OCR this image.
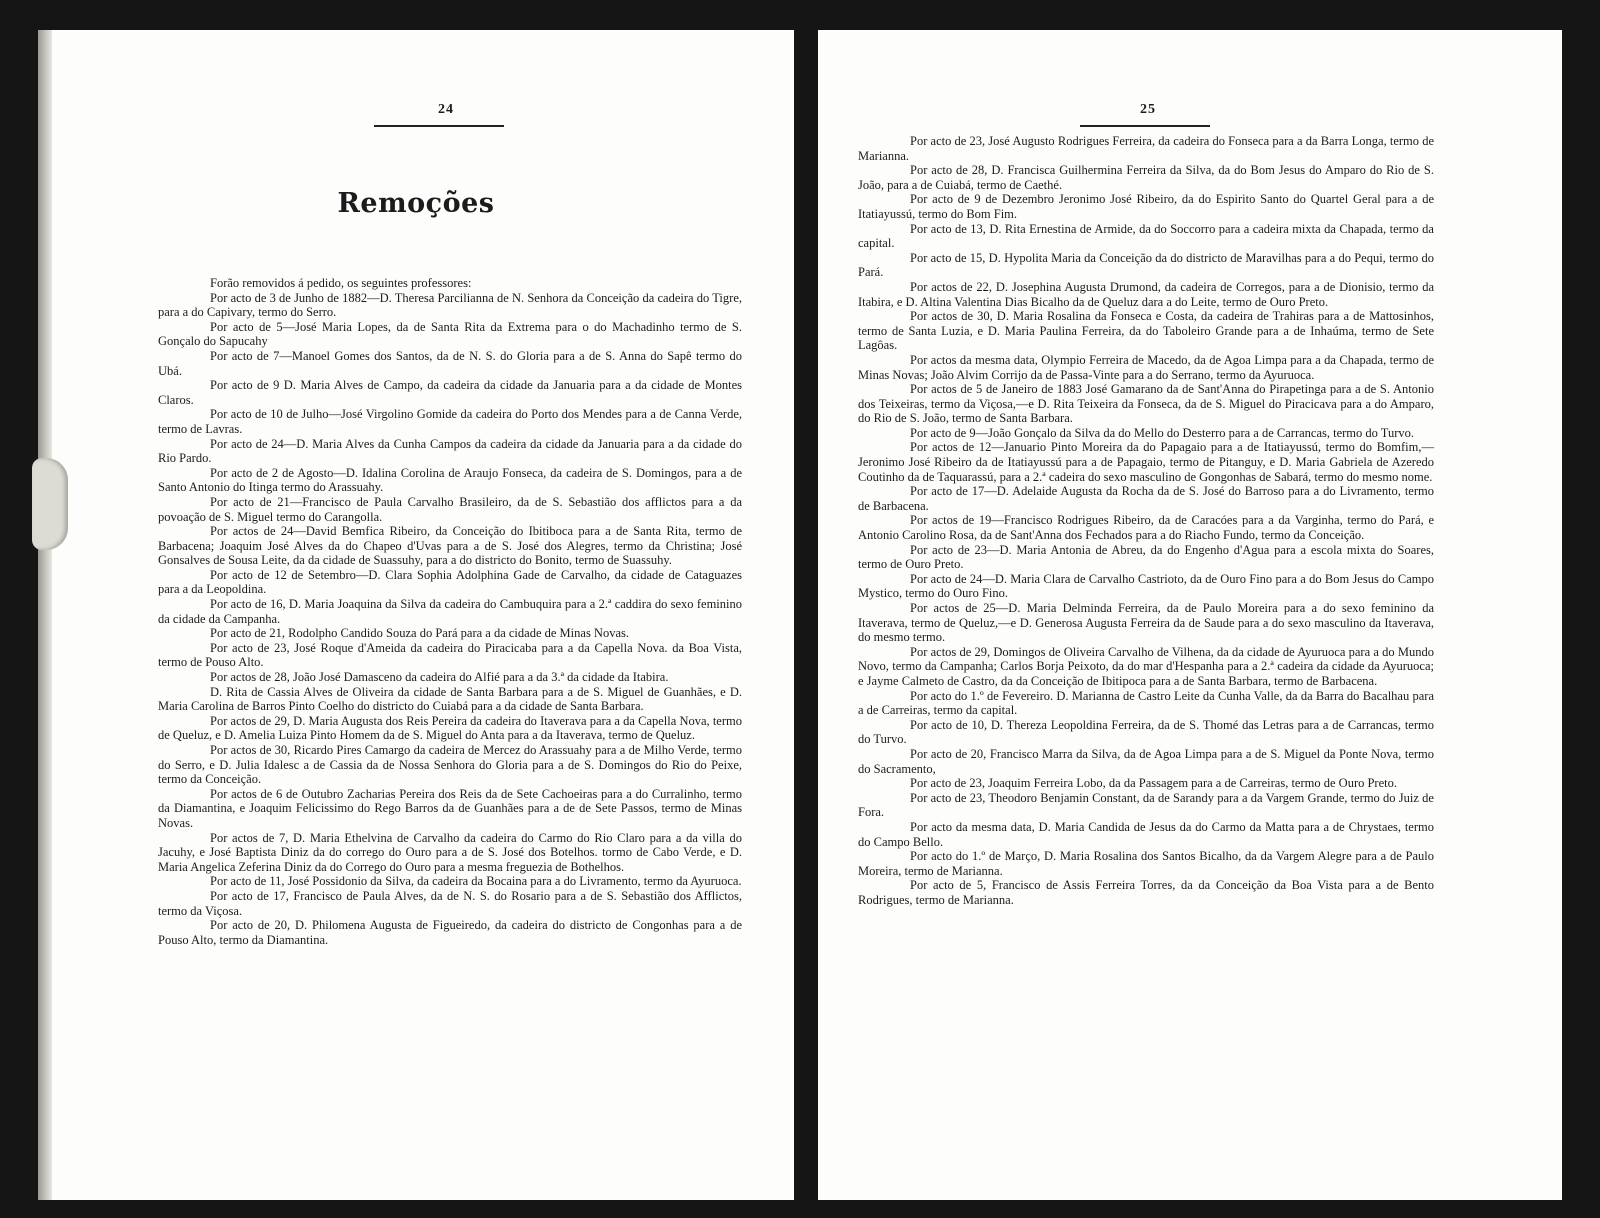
24
Remoções

Forão removidos á pedido, os seguintes professores:

Por acto de 3 de Junho de 1882—D. Theresa Parcilianna de N. Senhora da Conceição da cadeira do Tigre, para a do Capivary, termo do Serro.

Por acto de 5—José Maria Lopes, da de Santa Rita da Extrema para o do Machadinho termo de S. Gonçalo do Sapucahy

Por acto de 7—Manoel Gomes dos Santos, da de N. S. do Gloria para a de S. Anna do Sapê termo do Ubá.

Por acto de 9 D. Maria Alves de Campo, da cadeira da cidade da Januaria para a da cidade de Montes Claros.

Por acto de 10 de Julho—José Virgolino Gomide da cadeira do Porto dos Mendes para a de Canna Verde, termo de Lavras.

Por acto de 24—D. Maria Alves da Cunha Campos da cadeira da cidade da Januaria para a da cidade do Rio Pardo.

Por acto de 2 de Agosto—D. Idalina Corolina de Araujo Fonseca, da cadeira de S. Domingos, para a de Santo Antonio do Itinga termo do Arassuahy.

Por acto de 21—Francisco de Paula Carvalho Brasileiro, da de S. Sebastião dos afflictos para a da povoação de S. Miguel termo do Carangolla.

Por actos de 24—David Bemfica Ribeiro, da Conceição do Ibitiboca para a de Santa Rita, termo de Barbacena; Joaquim José Alves da do Chapeo d'Uvas para a de S. José dos Alegres, termo da Christina; José Gonsalves de Sousa Leite, da da cidade de Suassuhy, para a do districto do Bonito, termo de Suassuhy.

Por acto de 12 de Setembro—D. Clara Sophia Adolphina Gade de Carvalho, da cidade de Cataguazes para a da Leopoldina.

Por acto de 16, D. Maria Joaquina da Silva da cadeira do Cambuquira para a 2.ª caddira do sexo feminino da cidade da Campanha.

Por acto de 21, Rodolpho Candido Souza do Pará para a da cidade de Minas Novas.

Por acto de 23, José Roque d'Ameida da cadeira do Piracicaba para a da Capella Nova. da Boa Vista, termo de Pouso Alto.

Por actos de 28, João José Damasceno da cadeira do Alfié para a da 3.ª da cidade da Itabira.

D. Rita de Cassia Alves de Oliveira da cidade de Santa Barbara para a de S. Miguel de Guanhães, e D. Maria Carolina de Barros Pinto Coelho do districto do Cuiabá para a da cidade de Santa Barbara.

Por actos de 29, D. Maria Augusta dos Reis Pereira da cadeira do Itaverava para a da Capella Nova, termo de Queluz, e D. Amelia Luiza Pinto Homem da de S. Miguel do Anta para a da Itaverava, termo de Queluz.

Por actos de 30, Ricardo Pires Camargo da cadeira de Mercez do Arassuahy para a de Milho Verde, termo do Serro, e D. Julia Idalesc a de Cassia da de Nossa Senhora do Gloria para a de S. Domingos do Rio do Peixe, termo da Conceição.

Por actos de 6 de Outubro Zacharias Pereira dos Reis da de Sete Cachoeiras para a do Curralinho, termo da Diamantina, e Joaquim Felicissimo do Rego Barros da de Guanhães para a de de Sete Passos, termo de Minas Novas.

Por actos de 7, D. Maria Ethelvina de Carvalho da cadeira do Carmo do Rio Claro para a da villa do Jacuhy, e José Baptista Diniz da do corrego do Ouro para a de S. José dos Botelhos. tormo de Cabo Verde, e D. Maria Angelica Zeferina Diniz da do Corrego do Ouro para a mesma freguezia de Bothelhos.

Por acto de 11, José Possidonio da Silva, da cadeira da Bocaina para a do Livramento, termo da Ayuruoca.

Por acto de 17, Francisco de Paula Alves, da de N. S. do Rosario para a de S. Sebastião dos Afflictos, termo da Viçosa.

Por acto de 20, D. Philomena Augusta de Figueiredo, da cadeira do districto de Congonhas para a de Pouso Alto, termo da Diamantina.

25

Por acto de 23, José Augusto Rodrigues Ferreira, da cadeira do Fonseca para a da Barra Longa, termo de Marianna.

Por acto de 28, D. Francisca Guilhermina Ferreira da Silva, da do Bom Jesus do Amparo do Rio de S. João, para a de Cuiabá, termo de Caethé.

Por acto de 9 de Dezembro Jeronimo José Ribeiro, da do Espirito Santo do Quartel Geral para a de Itatiayussú, termo do Bom Fim.

Por acto de 13, D. Rita Ernestina de Armide, da do Soccorro para a cadeira mixta da Chapada, termo da capital.

Por acto de 15, D. Hypolita Maria da Conceição da do districto de Maravilhas para a do Pequi, termo do Pará.

Por actos de 22, D. Josephina Augusta Drumond, da cadeira de Corregos, para a de Dionisio, termo da Itabira, e D. Altina Valentina Dias Bicalho da de Queluz dara a do Leite, termo de Ouro Preto.

Por actos de 30, D. Maria Rosalina da Fonseca e Costa, da cadeira de Trahiras para a de Mattosinhos, termo de Santa Luzia, e D. Maria Paulina Ferreira, da do Taboleiro Grande para a de Inhaúma, termo de Sete Lagôas.

Por actos da mesma data, Olympio Ferreira de Macedo, da de Agoa Limpa para a da Chapada, termo de Minas Novas; João Alvim Corrijo da de Passa-Vinte para a do Serrano, termo da Ayuruoca.

Por actos de 5 de Janeiro de 1883 José Gamarano da de Sant'Anna do Pirapetinga para a de S. Antonio dos Teixeiras, termo da Viçosa,—e D. Rita Teixeira da Fonseca, da de S. Miguel do Piracicava para a do Amparo, do Rio de S. João, termo de Santa Barbara.

Por acto de 9—João Gonçalo da Silva da do Mello do Desterro para a de Carrancas, termo do Turvo.

Por actos de 12—Januario Pinto Moreira da do Papagaio para a de Itatiayussú, termo do Bomfim,— Jeronimo José Ribeiro da de Itatiayussú para a de Papagaio, termo de Pitanguy, e D. Maria Gabriela de Azeredo Coutinho da de Taquarassú, para a 2.ª cadeira do sexo masculino de Gongonhas de Sabará, termo do mesmo nome.

Por acto de 17—D. Adelaide Augusta da Rocha da de S. José do Barroso para a do Livramento, termo de Barbacena.

Por actos de 19—Francisco Rodrigues Ribeiro, da de Caracóes para a da Varginha, termo do Pará, e Antonio Carolino Rosa, da de Sant'Anna dos Fechados para a do Riacho Fundo, termo da Conceição.

Por acto de 23—D. Maria Antonia de Abreu, da do Engenho d'Agua para a escola mixta do Soares, termo de Ouro Preto.

Por acto de 24—D. Maria Clara de Carvalho Castrioto, da de Ouro Fino para a do Bom Jesus do Campo Mystico, termo do Ouro Fino.

Por actos de 25—D. Maria Delminda Ferreira, da de Paulo Moreira para a do sexo feminino da Itaverava, termo de Queluz,—e D. Generosa Augusta Ferreira da de Saude para a do sexo masculino da Itaverava, do mesmo termo.

Por actos de 29, Domingos de Oliveira Carvalho de Vilhena, da da cidade de Ayuruoca para a do Mundo Novo, termo da Campanha; Carlos Borja Peixoto, da do mar d'Hespanha para a 2.ª cadeira da cidade da Ayuruoca; e Jayme Calmeto de Castro, da da Conceição de Ibitipoca para a de Santa Barbara, termo de Barbacena.

Por acto do 1.º de Fevereiro. D. Marianna de Castro Leite da Cunha Valle, da da Barra do Bacalhau para a de Carreiras, termo da capital.

Por acto de 10, D. Thereza Leopoldina Ferreira, da de S. Thomé das Letras para a de Carrancas, termo do Turvo.

Por acto de 20, Francisco Marra da Silva, da de Agoa Limpa para a de S. Miguel da Ponte Nova, termo do Sacramento,

Por acto de 23, Joaquim Ferreira Lobo, da da Passagem para a de Carreiras, termo de Ouro Preto.

Por acto de 23, Theodoro Benjamin Constant, da de Sarandy para a da Vargem Grande, termo do Juiz de Fora.

Por acto da mesma data, D. Maria Candida de Jesus da do Carmo da Matta para a de Chrystaes, termo do Campo Bello.

Por acto do 1.º de Março, D. Maria Rosalina dos Santos Bicalho, da da Vargem Alegre para a de Paulo Moreira, termo de Marianna.

Por acto de 5, Francisco de Assis Ferreira Torres, da da Conceição da Boa Vista para a de Bento Rodrigues, termo de Marianna.
